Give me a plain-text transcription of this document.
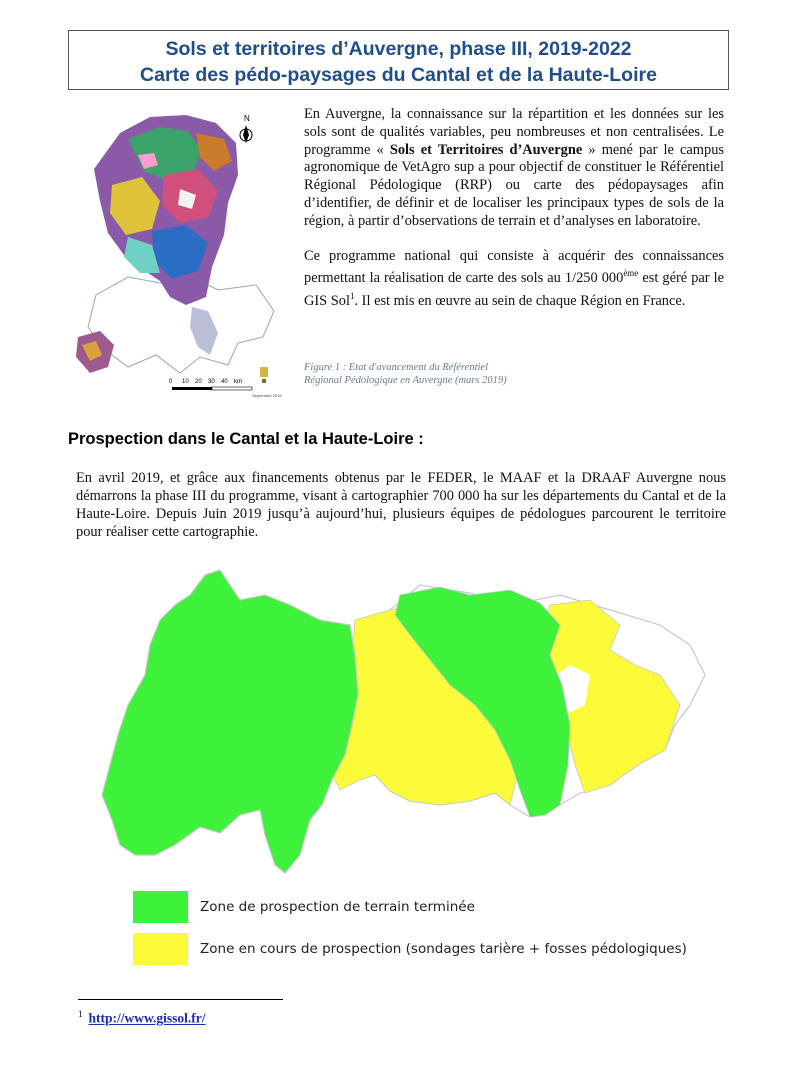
Sols et territoires d’Auvergne, phase III, 2019-2022
Carte des pédo-paysages du Cantal et de la Haute-Loire
N
0 10 20 30 40 km
Septembre 2018

En Auvergne, la connaissance sur la répartition et les données sur les sols sont de qualités variables, peu nombreuses et non centralisées. Le programme « Sols et Territoires d’Auvergne » mené par le campus agronomique de VetAgro sup a pour objectif de constituer le Référentiel Régional Pédologique (RRP) ou carte des pédopaysages afin d’identifier, de définir et de localiser les principaux types de sols de la région, à partir d’observations de terrain et d’analyses en laboratoire.

Ce programme national qui consiste à acquérir des connaissances permettant la réalisation de carte des sols au 1/250 000ème est géré par le GIS Sol$^1$. Il est mis en œuvre au sein de chaque Région en France.

Figure 1 : Etat d'avancement du Référentiel
Régional Pédologique en Auvergne (mars 2019)
Prospection dans le Cantal et la Haute-Loire :
En avril 2019, et grâce aux financements obtenus par le FEDER, le MAAF et la DRAAF Auvergne nous démarrons la phase III du programme, visant à cartographier 700 000 ha sur les départements du Cantal et de la Haute-Loire. Depuis Juin 2019 jusqu’à aujourd’hui, plusieurs équipes de pédologues parcourent le territoire pour réaliser cette cartographie.
Zone de prospection de terrain terminée
Zone en cours de prospection (sondages tarière + fosses pédologiques)
$^1$ http://www.gissol.fr/
